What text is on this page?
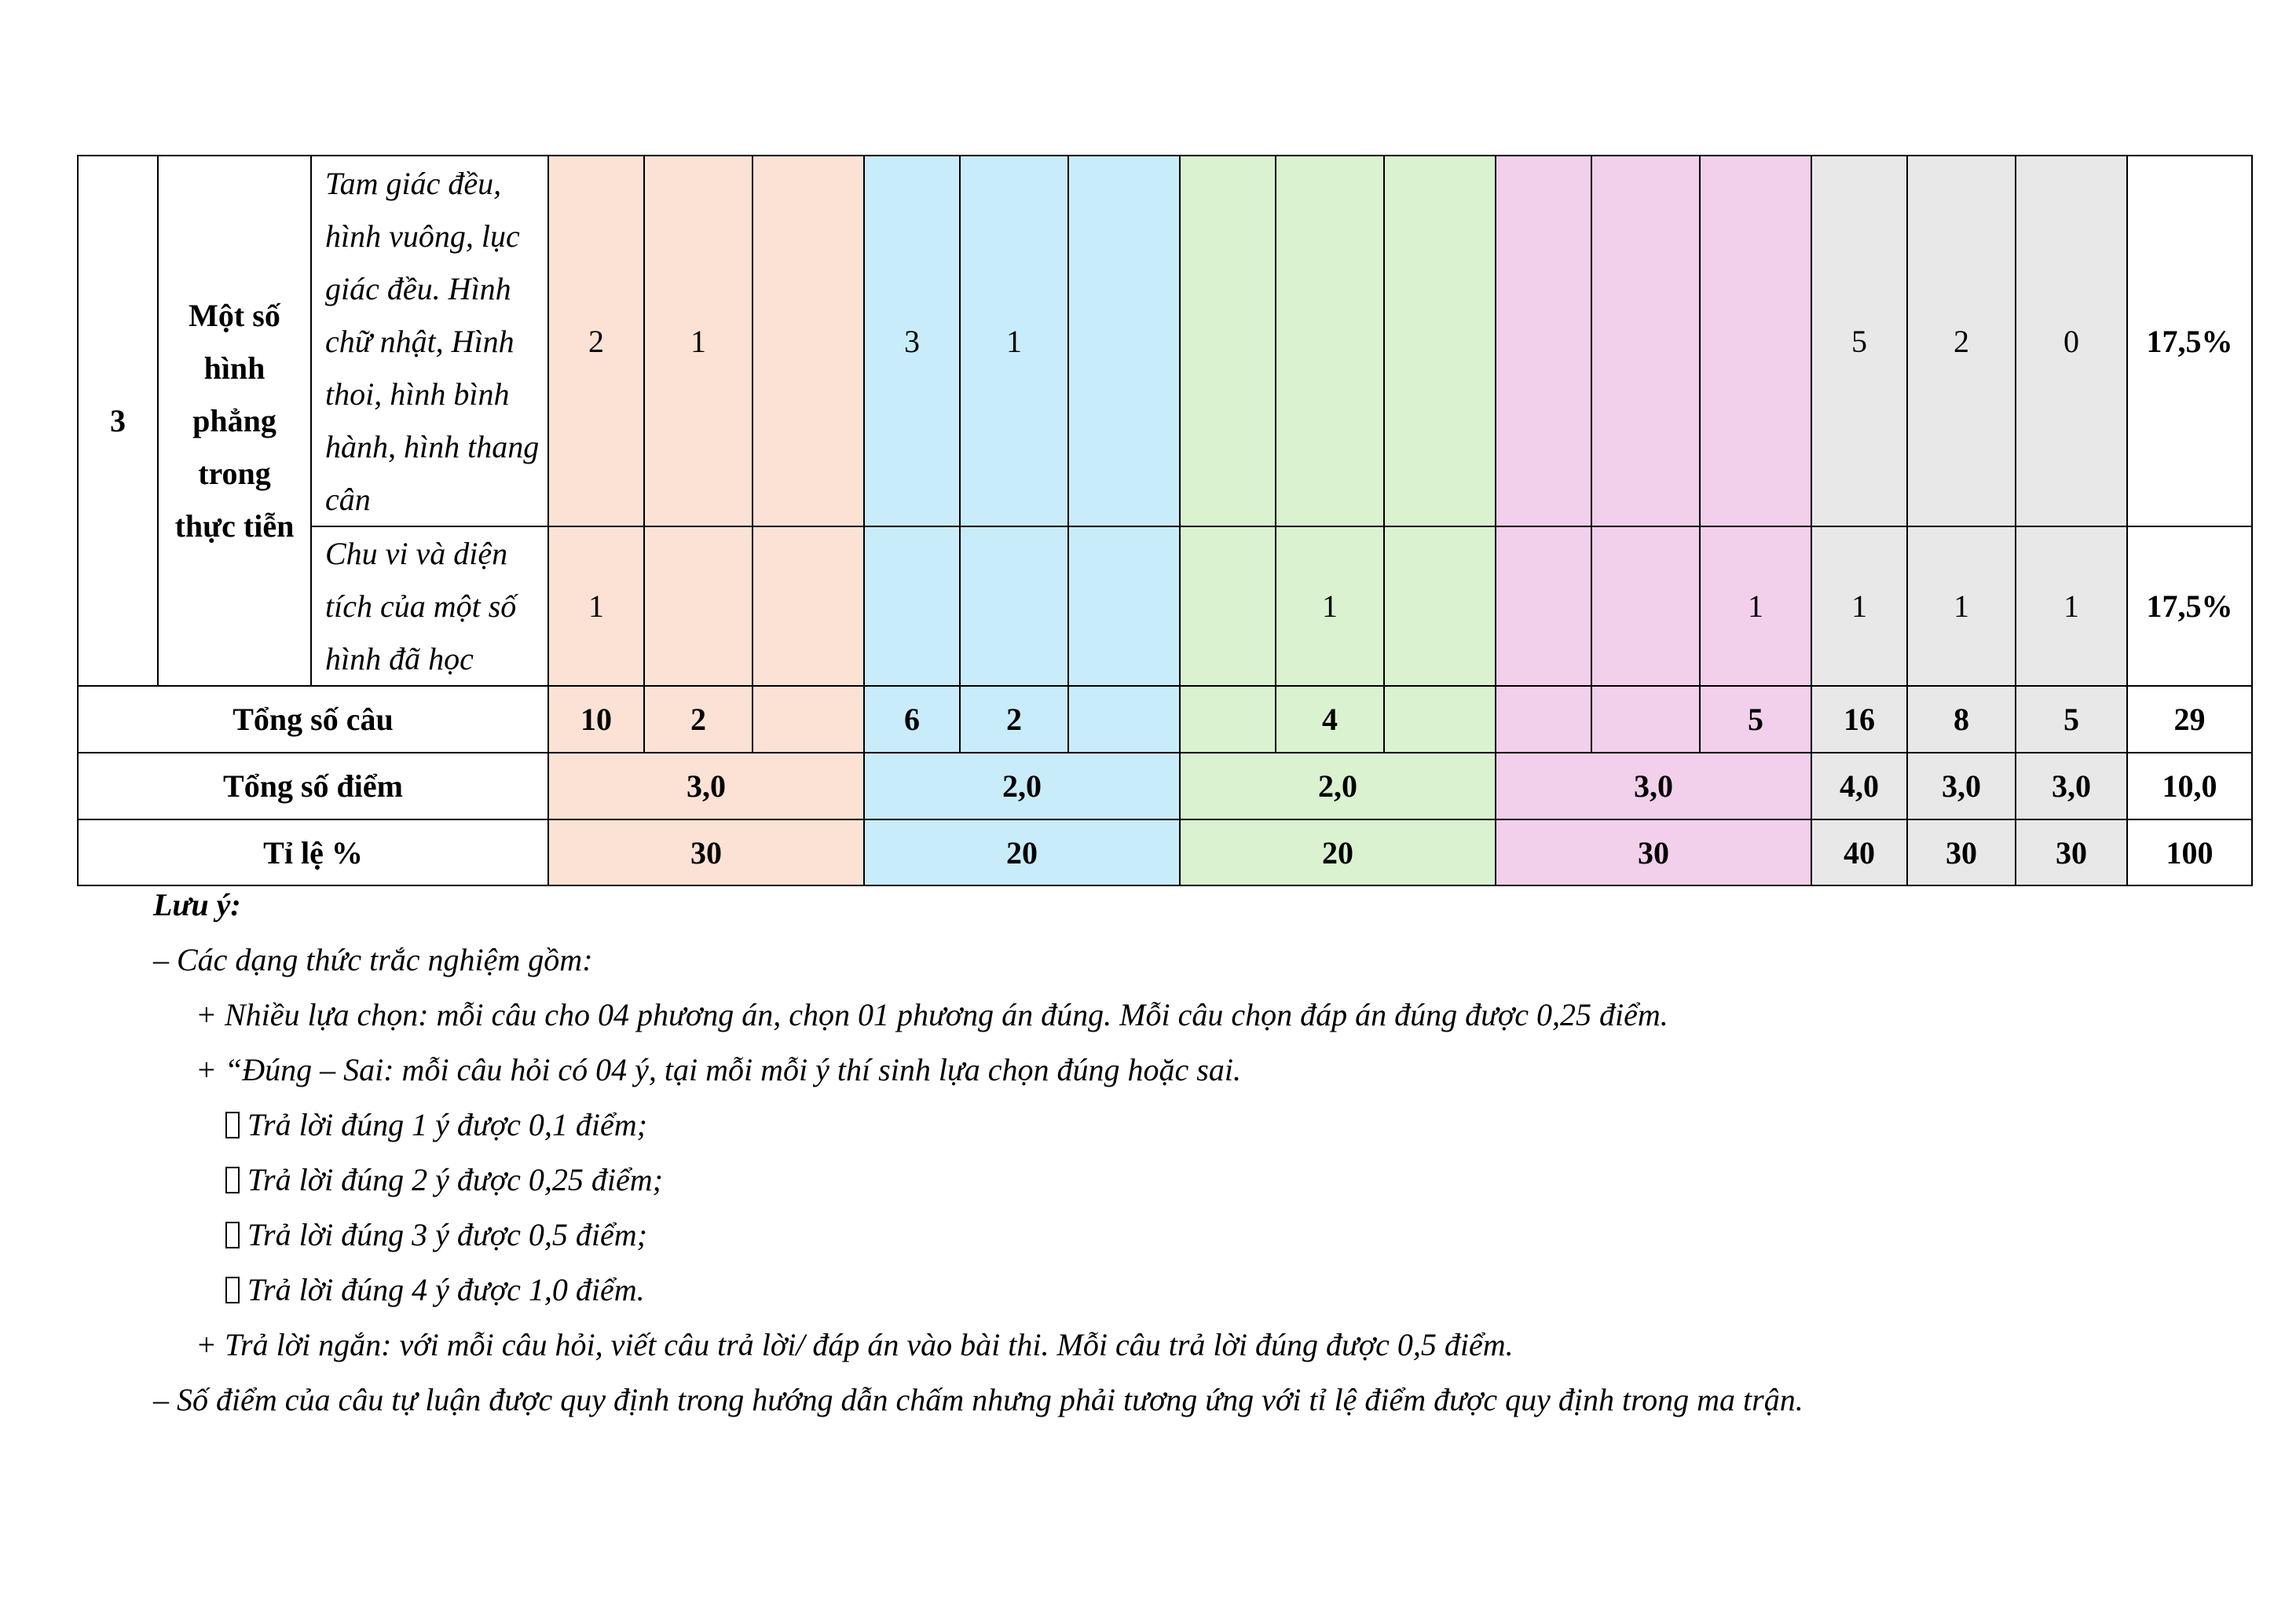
3	Một số hình phẳng trong thực tiễn	Tam giác đều, hình vuông, lục giác đều. Hình chữ nhật, Hình thoi, hình bình hành, hình thang cân	2	1		3	1								5	2	0	17,5%
		Chu vi và diện tích của một số hình đã học	1							1				1	1	1	1	17,5%
Tổng số câu			10	2		6	2			4				5	16	8	5	29
Tổng số điểm			3,0			2,0			2,0			3,0			4,0	3,0	3,0	10,0
Tỉ lệ %			30			20			20			30			40	30	30	100
Lưu ý:
– Các dạng thức trắc nghiệm gồm:
+ Nhiều lựa chọn: mỗi câu cho 04 phương án, chọn 01 phương án đúng. Mỗi câu chọn đáp án đúng được 0,25 điểm.
+ “Đúng – Sai: mỗi câu hỏi có 04 ý, tại mỗi mỗi ý thí sinh lựa chọn đúng hoặc sai.
Trả lời đúng 1 ý được 0,1 điểm;
Trả lời đúng 2 ý được 0,25 điểm;
Trả lời đúng 3 ý được 0,5 điểm;
Trả lời đúng 4 ý được 1,0 điểm.
+ Trả lời ngắn: với mỗi câu hỏi, viết câu trả lời/ đáp án vào bài thi. Mỗi câu trả lời đúng được 0,5 điểm.
– Số điểm của câu tự luận được quy định trong hướng dẫn chấm nhưng phải tương ứng với tỉ lệ điểm được quy định trong ma trận.
